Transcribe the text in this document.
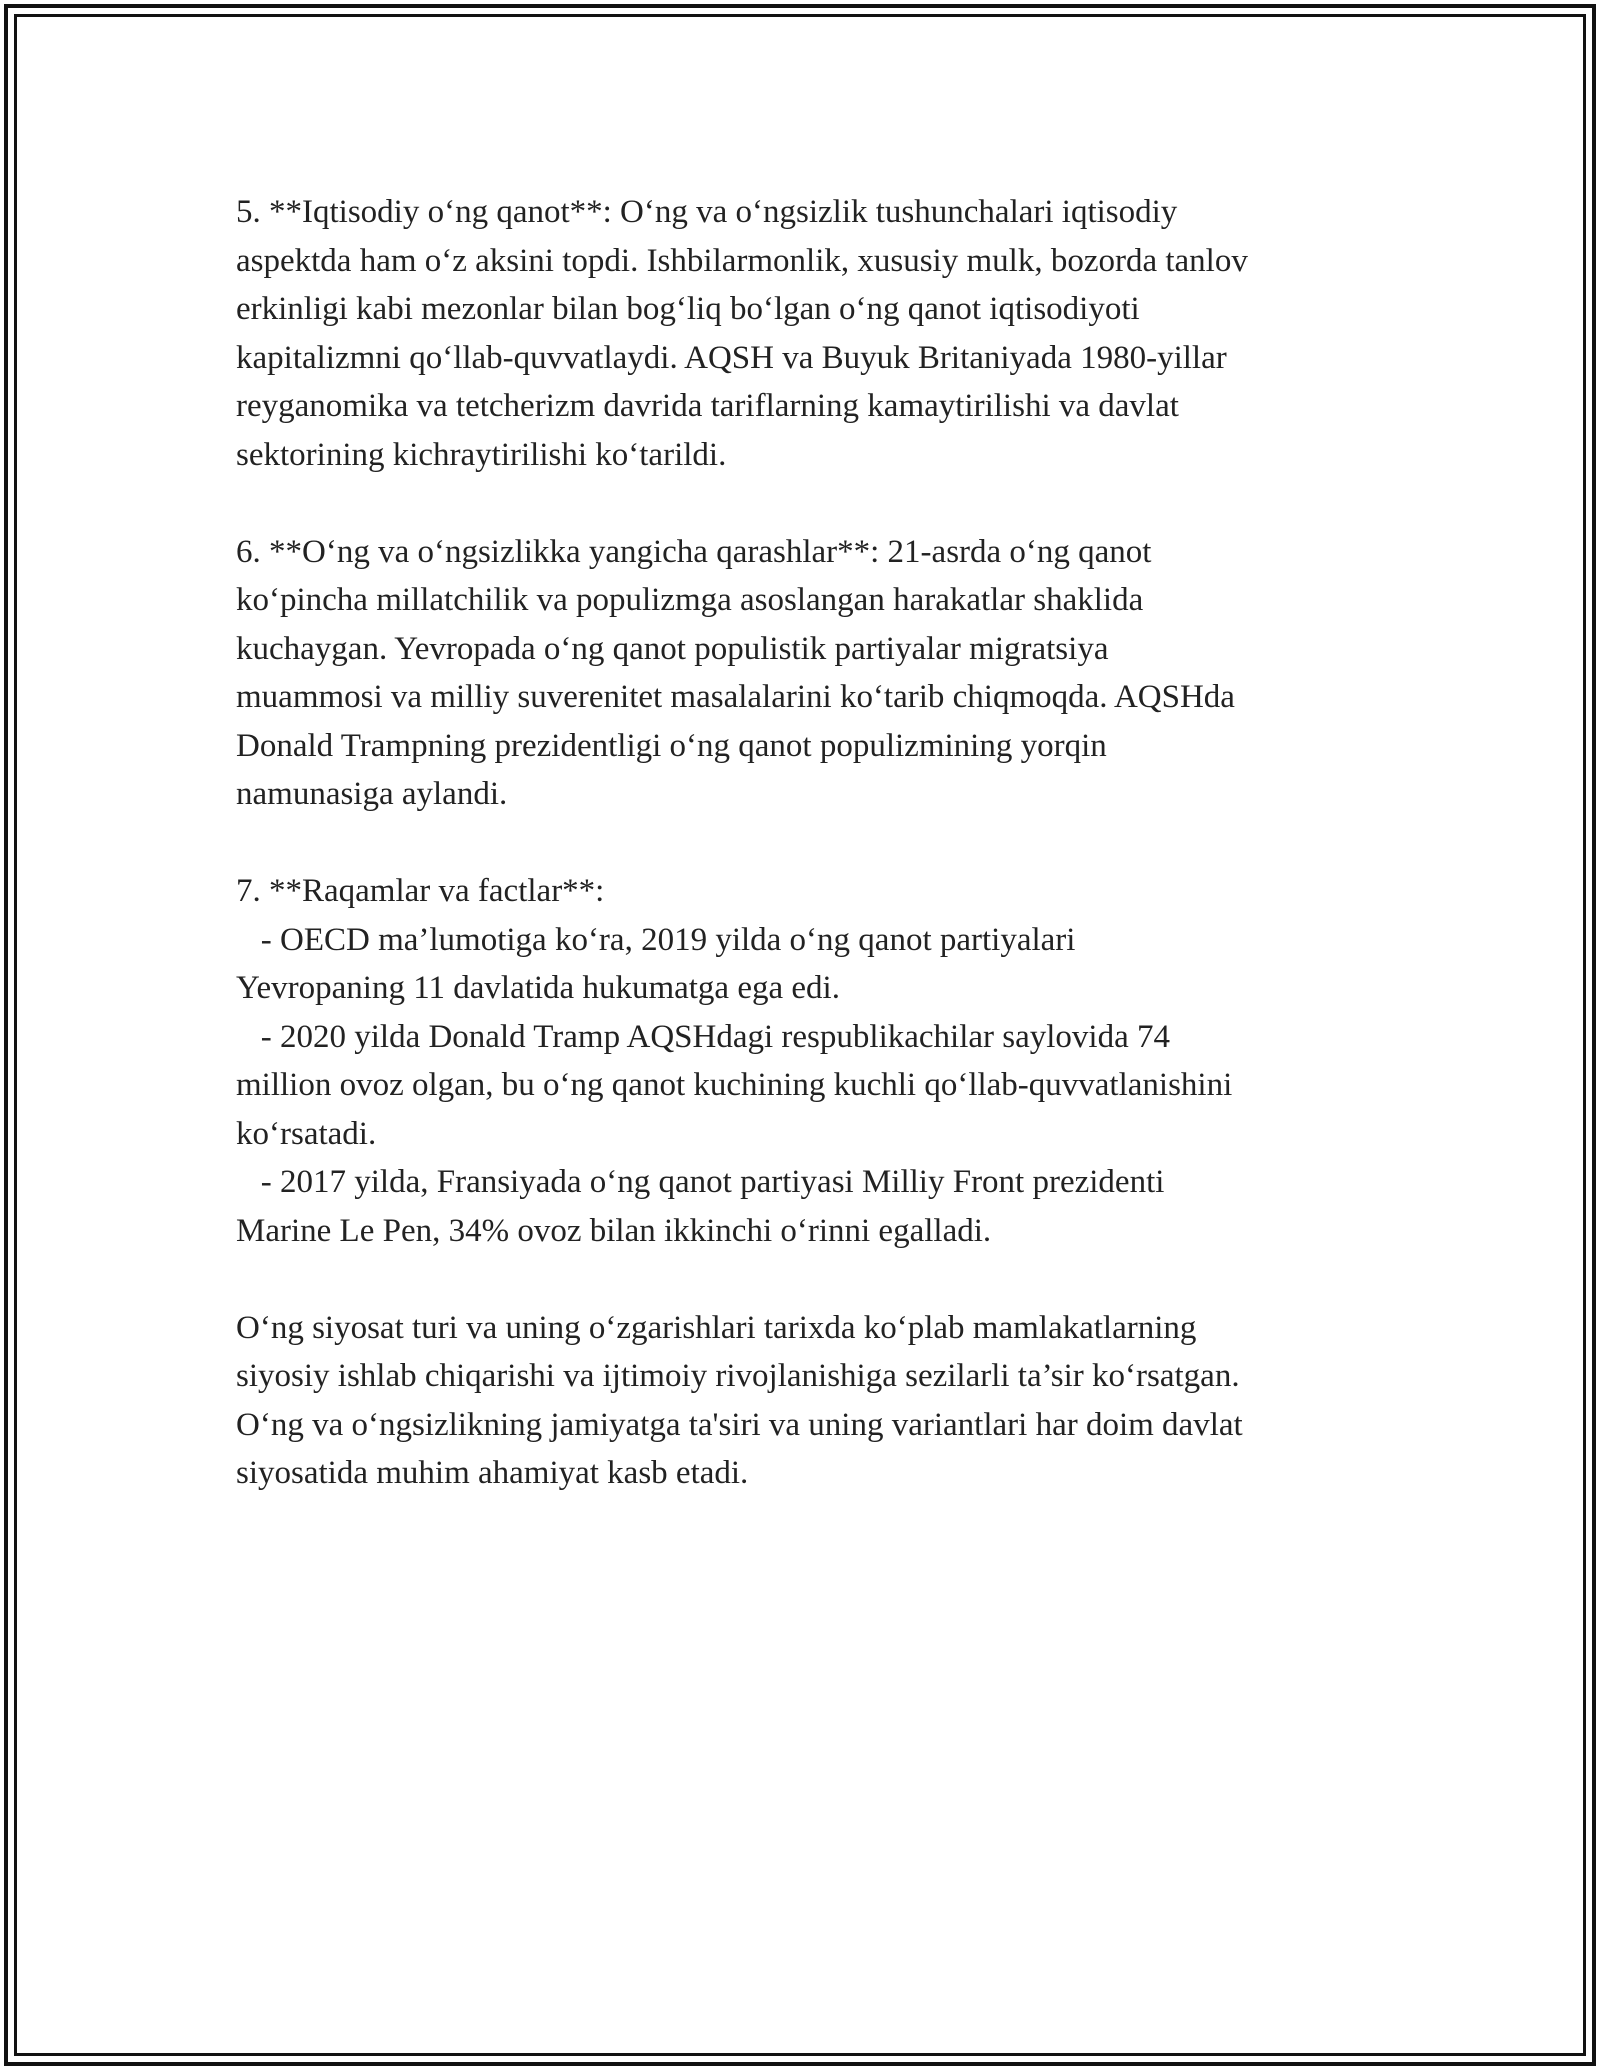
5. **Iqtisodiy o‘ng qanot**: O‘ng va o‘ngsizlik tushunchalari iqtisodiy
aspektda ham o‘z aksini topdi. Ishbilarmonlik, xususiy mulk, bozorda tanlov
erkinligi kabi mezonlar bilan bog‘liq bo‘lgan o‘ng qanot iqtisodiyoti
kapitalizmni qo‘llab-quvvatlaydi. AQSH va Buyuk Britaniyada 1980-yillar
reyganomika va tetcherizm davrida tariflarning kamaytirilishi va davlat
sektorining kichraytirilishi ko‘tarildi.

6. **O‘ng va o‘ngsizlikka yangicha qarashlar**: 21-asrda o‘ng qanot
ko‘pincha millatchilik va populizmga asoslangan harakatlar shaklida
kuchaygan. Yevropada o‘ng qanot populistik partiyalar migratsiya
muammosi va milliy suverenitet masalalarini ko‘tarib chiqmoqda. AQSHda
Donald Trampning prezidentligi o‘ng qanot populizmining yorqin
namunasiga aylandi.

7. **Raqamlar va factlar**:
- OECD ma’lumotiga ko‘ra, 2019 yilda o‘ng qanot partiyalari
Yevropaning 11 davlatida hukumatga ega edi.
- 2020 yilda Donald Tramp AQSHdagi respublikachilar saylovida 74
million ovoz olgan, bu o‘ng qanot kuchining kuchli qo‘llab-quvvatlanishini
ko‘rsatadi.
- 2017 yilda, Fransiyada o‘ng qanot partiyasi Milliy Front prezidenti
Marine Le Pen, 34% ovoz bilan ikkinchi o‘rinni egalladi.

O‘ng siyosat turi va uning o‘zgarishlari tarixda ko‘plab mamlakatlarning
siyosiy ishlab chiqarishi va ijtimoiy rivojlanishiga sezilarli ta’sir ko‘rsatgan.
O‘ng va o‘ngsizlikning jamiyatga ta'siri va uning variantlari har doim davlat
siyosatida muhim ahamiyat kasb etadi.
